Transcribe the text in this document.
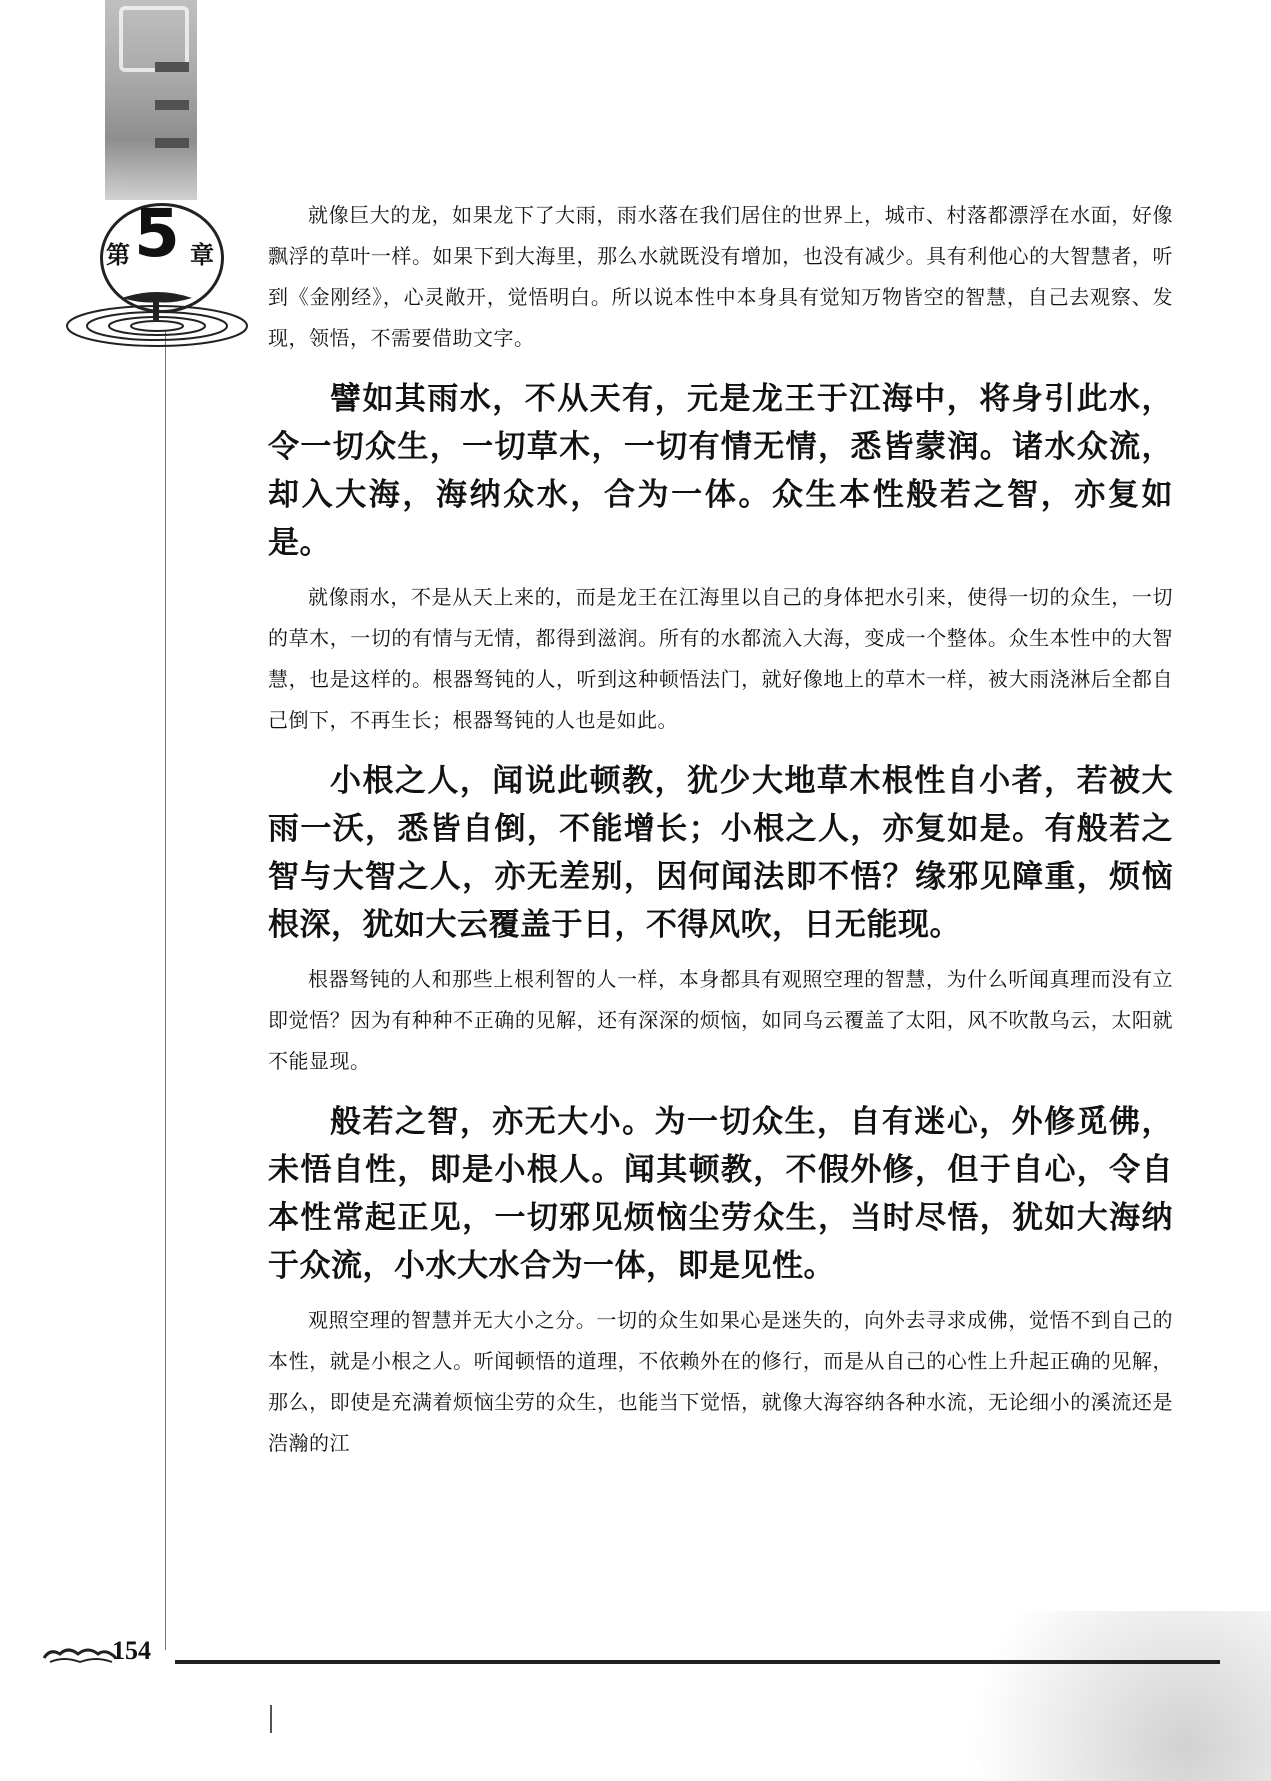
第 5 章

就像巨大的龙，如果龙下了大雨，雨水落在我们居住的世界上，城市、村落都漂浮在水面，好像飘浮的草叶一样。如果下到大海里，那么水就既没有增加，也没有减少。具有利他心的大智慧者，听到《金刚经》，心灵敞开，觉悟明白。所以说本性中本身具有觉知万物皆空的智慧，自己去观察、发现，领悟，不需要借助文字。

譬如其雨水，不从天有，元是龙王于江海中，将身引此水，令一切众生，一切草木，一切有情无情，悉皆蒙润。诸水众流，却入大海，海纳众水，合为一体。众生本性般若之智，亦复如是。

就像雨水，不是从天上来的，而是龙王在江海里以自己的身体把水引来，使得一切的众生，一切的草木，一切的有情与无情，都得到滋润。所有的水都流入大海，变成一个整体。众生本性中的大智慧，也是这样的。根器驽钝的人，听到这种顿悟法门，就好像地上的草木一样，被大雨浇淋后全都自己倒下，不再生长；根器驽钝的人也是如此。

小根之人，闻说此顿教，犹少大地草木根性自小者，若被大雨一沃，悉皆自倒，不能增长；小根之人，亦复如是。有般若之智与大智之人，亦无差别，因何闻法即不悟？缘邪见障重，烦恼根深，犹如大云覆盖于日，不得风吹，日无能现。

根器驽钝的人和那些上根利智的人一样，本身都具有观照空理的智慧，为什么听闻真理而没有立即觉悟？因为有种种不正确的见解，还有深深的烦恼，如同乌云覆盖了太阳，风不吹散乌云，太阳就不能显现。

般若之智，亦无大小。为一切众生，自有迷心，外修觅佛，未悟自性，即是小根人。闻其顿教，不假外修，但于自心，令自本性常起正见，一切邪见烦恼尘劳众生，当时尽悟，犹如大海纳于众流，小水大水合为一体，即是见性。

观照空理的智慧并无大小之分。一切的众生如果心是迷失的，向外去寻求成佛，觉悟不到自己的本性，就是小根之人。听闻顿悟的道理，不依赖外在的修行，而是从自己的心性上升起正确的见解，那么，即使是充满着烦恼尘劳的众生，也能当下觉悟，就像大海容纳各种水流，无论细小的溪流还是浩瀚的江

154
